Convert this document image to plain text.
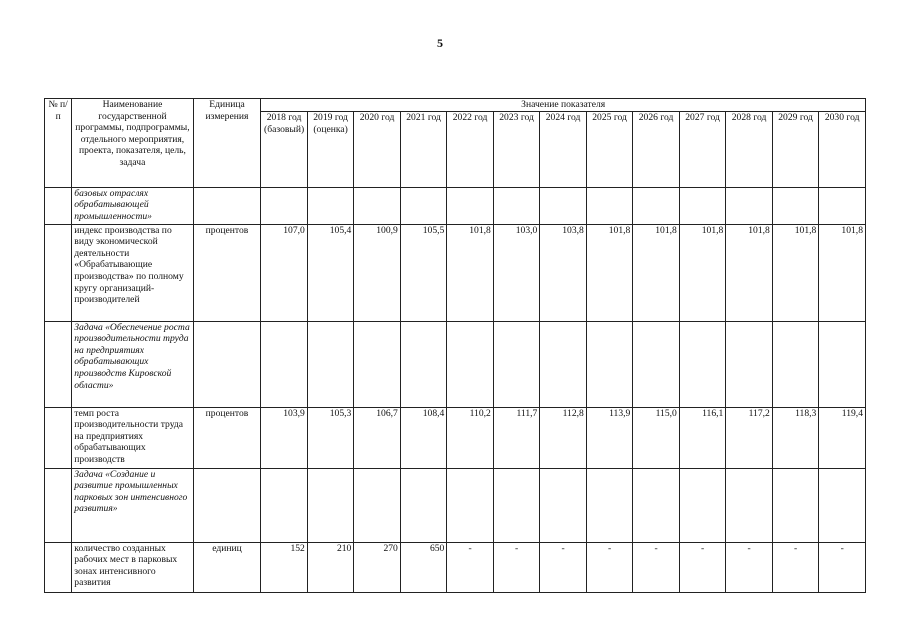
5
№ п/п	Наименование государственной программы, подпрограммы, отдельного мероприятия, проекта, показателя, цель, задача	Единица измерения	Значение показателя												
			2018 год (базовый)	2019 год (оценка)	2020 год	2021 год	2022 год	2023 год	2024 год	2025 год	2026 год	2027 год	2028 год	2029 год	2030 год
	базовых отраслях обрабатывающей промышленности»														
	индекс производства по виду экономической деятельности «Обрабатывающие производства» по полному кругу организаций-производителей	процентов	107,0	105,4	100,9	105,5	101,8	103,0	103,8	101,8	101,8	101,8	101,8	101,8	101,8
	Задача «Обеспечение роста производительности труда на предприятиях обрабатывающих производств Кировской области»														
	темп роста производительности труда на предприятиях обрабатывающих производств	процентов	103,9	105,3	106,7	108,4	110,2	111,7	112,8	113,9	115,0	116,1	117,2	118,3	119,4
	Задача «Создание и развитие промышленных парковых зон интенсивного развития»														
	количество созданных рабочих мест в парковых зонах интенсивного развития	единиц	152	210	270	650	-	-	-	-	-	-	-	-	-
